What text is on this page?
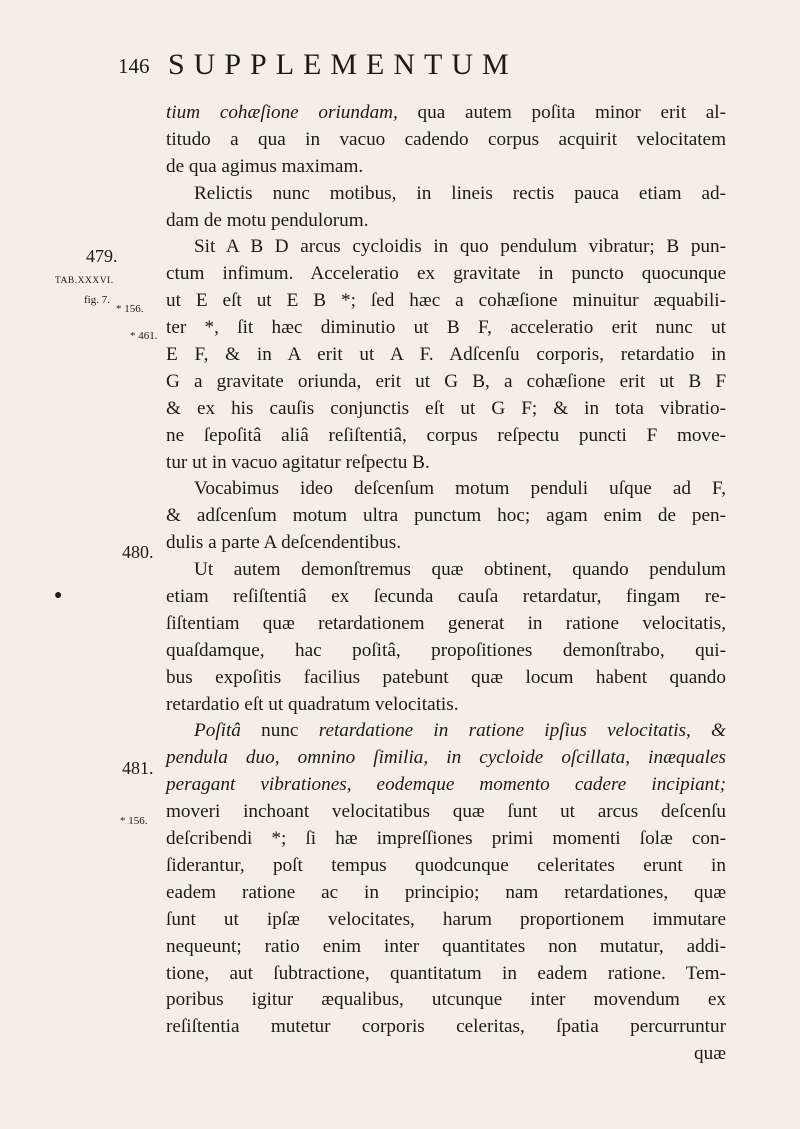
146 SUPPLEMENTUM
479.
TAB.XXXVI.
fig. 7.
* 156.
* 461.
480.
481.
* 156.
●
tium cohæſione oriundam, qua autem poſita minor erit al-
titudo a qua in vacuo cadendo corpus acquirit velocitatem
de qua agimus maximam.
Relictis nunc motibus, in lineis rectis pauca etiam ad-
dam de motu pendulorum.
Sit A B D arcus cycloidis in quo pendulum vibratur; B pun-
ctum infimum. Acceleratio ex gravitate in puncto quocunque
ut E eſt ut E B *; ſed hæc a cohæſione minuitur æquabili-
ter *, ſit hæc diminutio ut B F, acceleratio erit nunc ut
E F, & in A erit ut A F. Adſcenſu corporis, retardatio in
G a gravitate oriunda, erit ut G B, a cohæſione erit ut B F
& ex his cauſis conjunctis eſt ut G F; & in tota vibratio-
ne ſepoſitâ aliâ reſiſtentiâ, corpus reſpectu puncti F move-
tur ut in vacuo agitatur reſpectu B.
Vocabimus ideo deſcenſum motum penduli uſque ad F,
& adſcenſum motum ultra punctum hoc; agam enim de pen-
dulis a parte A deſcendentibus.
Ut autem demonſtremus quæ obtinent, quando pendulum
etiam reſiſtentiâ ex ſecunda cauſa retardatur, fingam re-
ſiſtentiam quæ retardationem generat in ratione velocitatis,
quaſdamque, hac poſitâ, propoſitiones demonſtrabo, qui-
bus expoſitis facilius patebunt quæ locum habent quando
retardatio eſt ut quadratum velocitatis.
Poſitâ nunc retardatione in ratione ipſius velocitatis, &
pendula duo, omnino ſimilia, in cycloide oſcillata, inæquales
peragant vibrationes, eodemque momento cadere incipiant;
moveri inchoant velocitatibus quæ ſunt ut arcus deſcenſu
deſcribendi *; ſi hæ impreſſiones primi momenti ſolæ con-
ſiderantur, poſt tempus quodcunque celeritates erunt in
eadem ratione ac in principio; nam retardationes, quæ
ſunt ut ipſæ velocitates, harum proportionem immutare
nequeunt; ratio enim inter quantitates non mutatur, addi-
tione, aut ſubtractione, quantitatum in eadem ratione. Tem-
poribus igitur æqualibus, utcunque inter movendum ex
reſiſtentia mutetur corporis celeritas, ſpatia percurruntur
quæ
